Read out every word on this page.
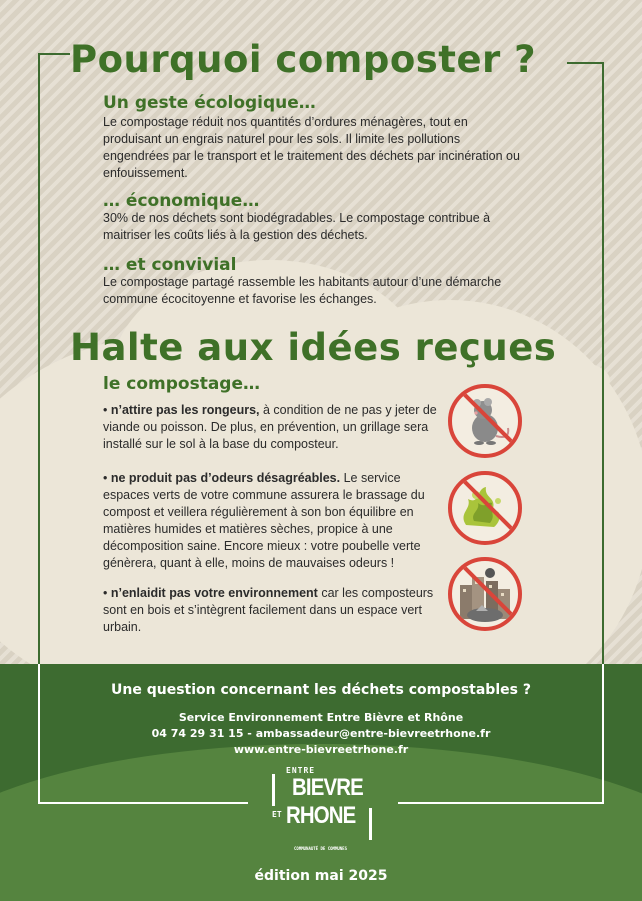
Pourquoi composter ?
Un geste écologique…
Le compostage réduit nos quantités d’ordures ménagères, tout en
produisant un engrais naturel pour les sols. Il limite les pollutions
engendrées par le transport et le traitement des déchets par incinération ou
enfouissement.
… économique…
30% de nos déchets sont biodégradables. Le compostage contribue à
maitriser les coûts liés à la gestion des déchets.
… et convivial
Le compostage partagé rassemble les habitants autour d’une démarche
commune écocitoyenne et favorise les échanges.
Halte aux idées reçues
le compostage…
• n’attire pas les rongeurs, à condition de ne pas y jeter de viande ou poisson. De plus, en prévention, un grillage sera installé sur le sol à la base du composteur.
• ne produit pas d’odeurs désagréables. Le service espaces verts de votre commune assurera le brassage du compost et veillera régulièrement à son bon équilibre en matières humides et matières sèches, propice à une décomposition saine. Encore mieux : votre poubelle verte génèrera, quant à elle, moins de mauvaises odeurs !
• n’enlaidit pas votre environnement car les composteurs sont en bois et s’intègrent facilement dans un espace vert urbain.
Une question concernant les déchets compostables ?
Service Environnement Entre Bièvre et Rhône
04 74 29 31 15 - ambassadeur@entre-bievreetrhone.fr
www.entre-bievreetrhone.fr
ENTRE
BIEVRE
ET RHONE
COMMUNAUTÉ DE COMMUNES
édition mai 2025
